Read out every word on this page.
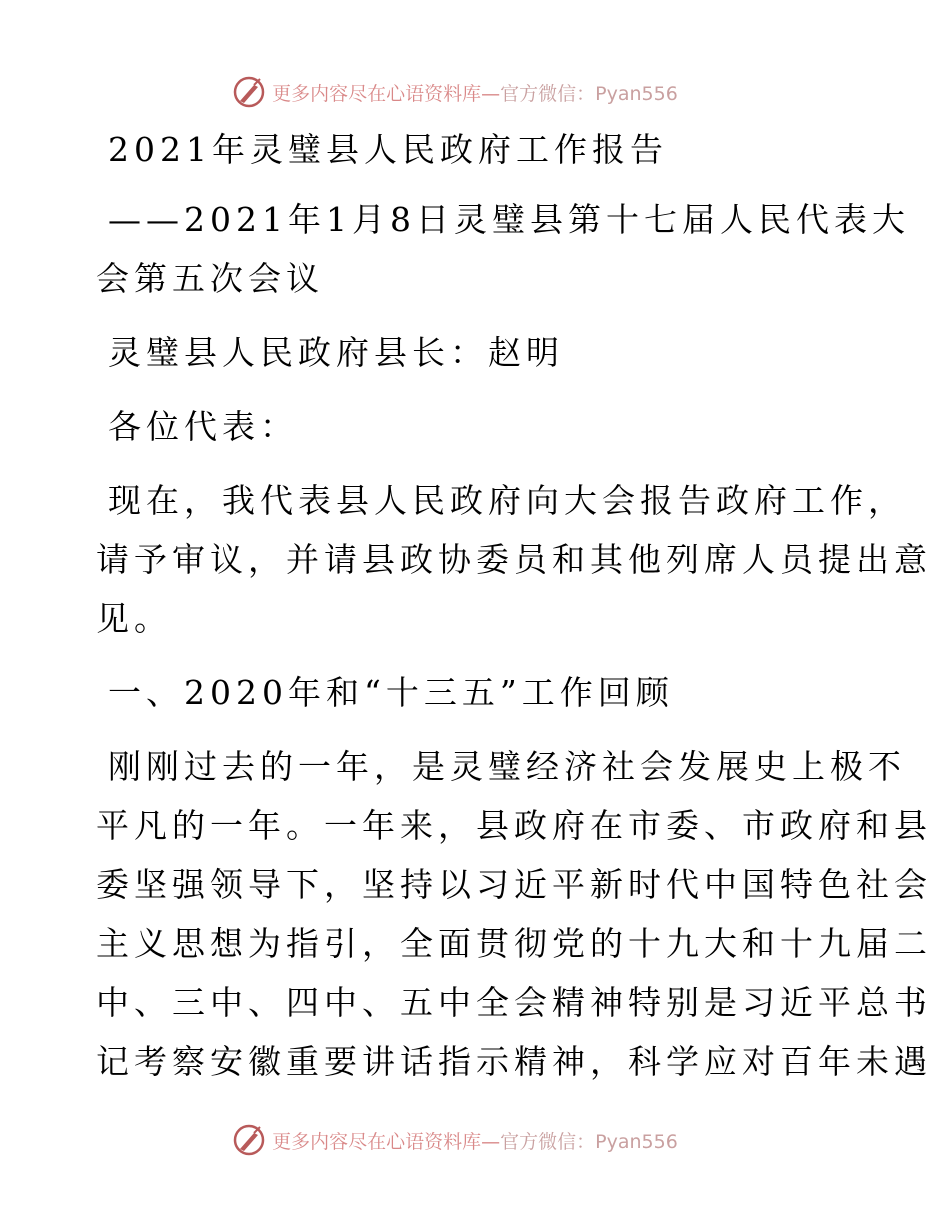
更多内容尽在心语资料库—官方微信：Pyan556
2021年灵璧县人民政府工作报告
——2021年1月8日灵璧县第十七届人民代表大
会第五次会议
灵璧县人民政府县长：赵明
各位代表：
现在，我代表县人民政府向大会报告政府工作，
请予审议，并请县政协委员和其他列席人员提出意
见。
一、2020年和“十三五”工作回顾
刚刚过去的一年，是灵璧经济社会发展史上极不
平凡的一年。一年来，县政府在市委、市政府和县
委坚强领导下，坚持以习近平新时代中国特色社会
主义思想为指引，全面贯彻党的十九大和十九届二
中、三中、四中、五中全会精神特别是习近平总书
记考察安徽重要讲话指示精神，科学应对百年未遇
更多内容尽在心语资料库—官方微信：Pyan556
